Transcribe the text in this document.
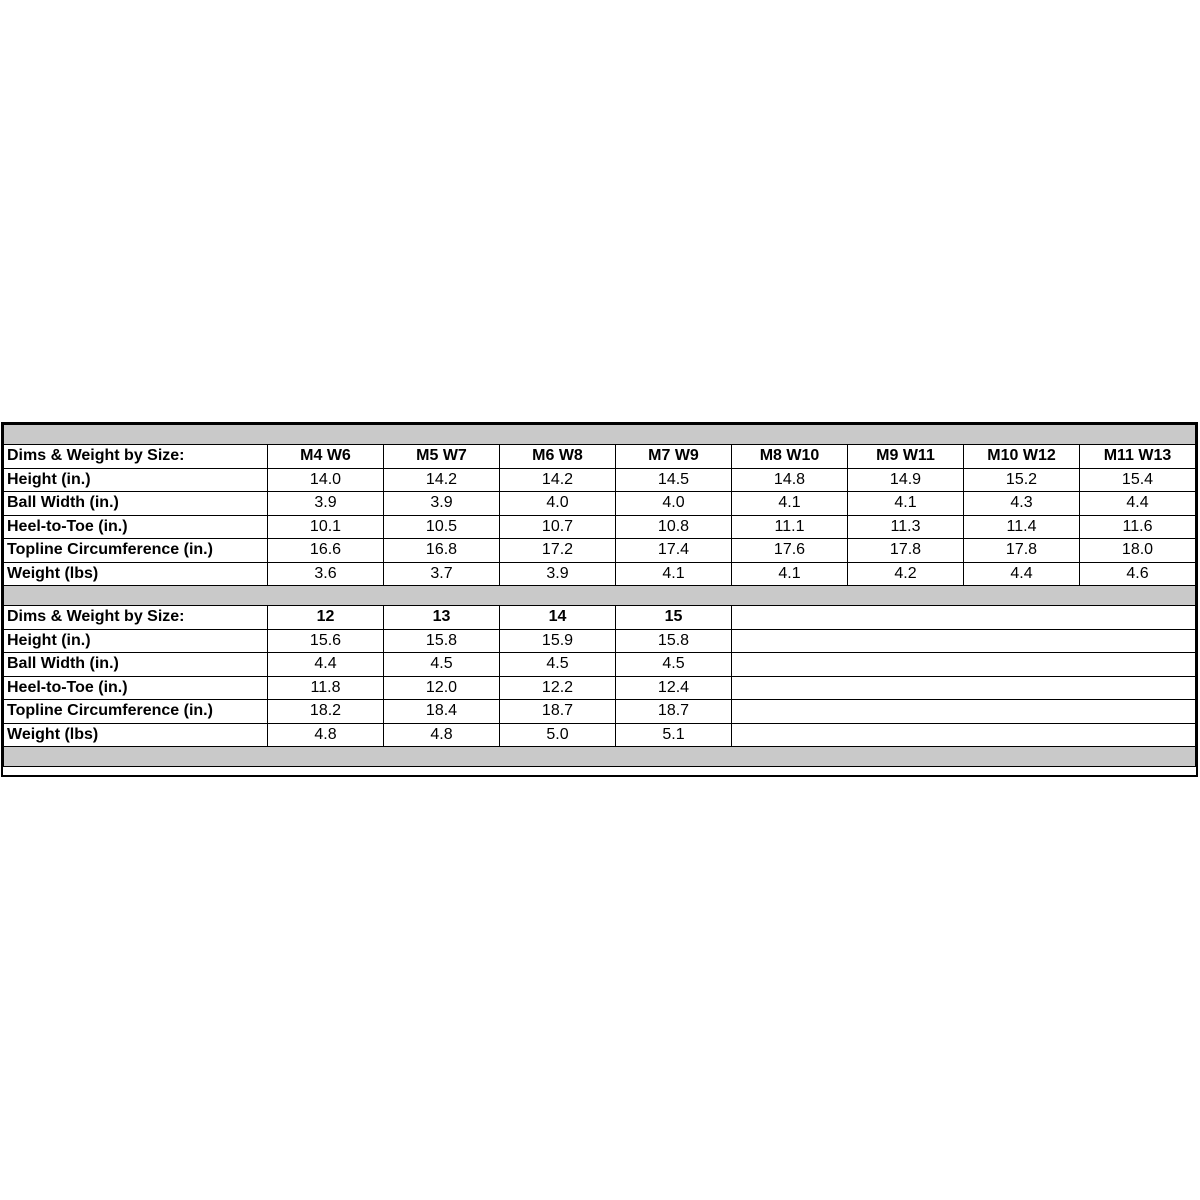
Dims & Weight by Size:	M4 W6	M5 W7	M6 W8	M7 W9	M8 W10	M9 W11	M10 W12	M11 W13
Height (in.)	14.0	14.2	14.2	14.5	14.8	14.9	15.2	15.4
Ball Width (in.)	3.9	3.9	4.0	4.0	4.1	4.1	4.3	4.4
Heel-to-Toe (in.)	10.1	10.5	10.7	10.8	11.1	11.3	11.4	11.6
Topline Circumference (in.)	16.6	16.8	17.2	17.4	17.6	17.8	17.8	18.0
Weight (lbs)	3.6	3.7	3.9	4.1	4.1	4.2	4.4	4.6

Dims & Weight by Size:	12	13	14	15				
Height (in.)	15.6	15.8	15.9	15.8				
Ball Width (in.)	4.4	4.5	4.5	4.5				
Heel-to-Toe (in.)	11.8	12.0	12.2	12.4				
Topline Circumference (in.)	18.2	18.4	18.7	18.7				
Weight (lbs)	4.8	4.8	5.0	5.1				
